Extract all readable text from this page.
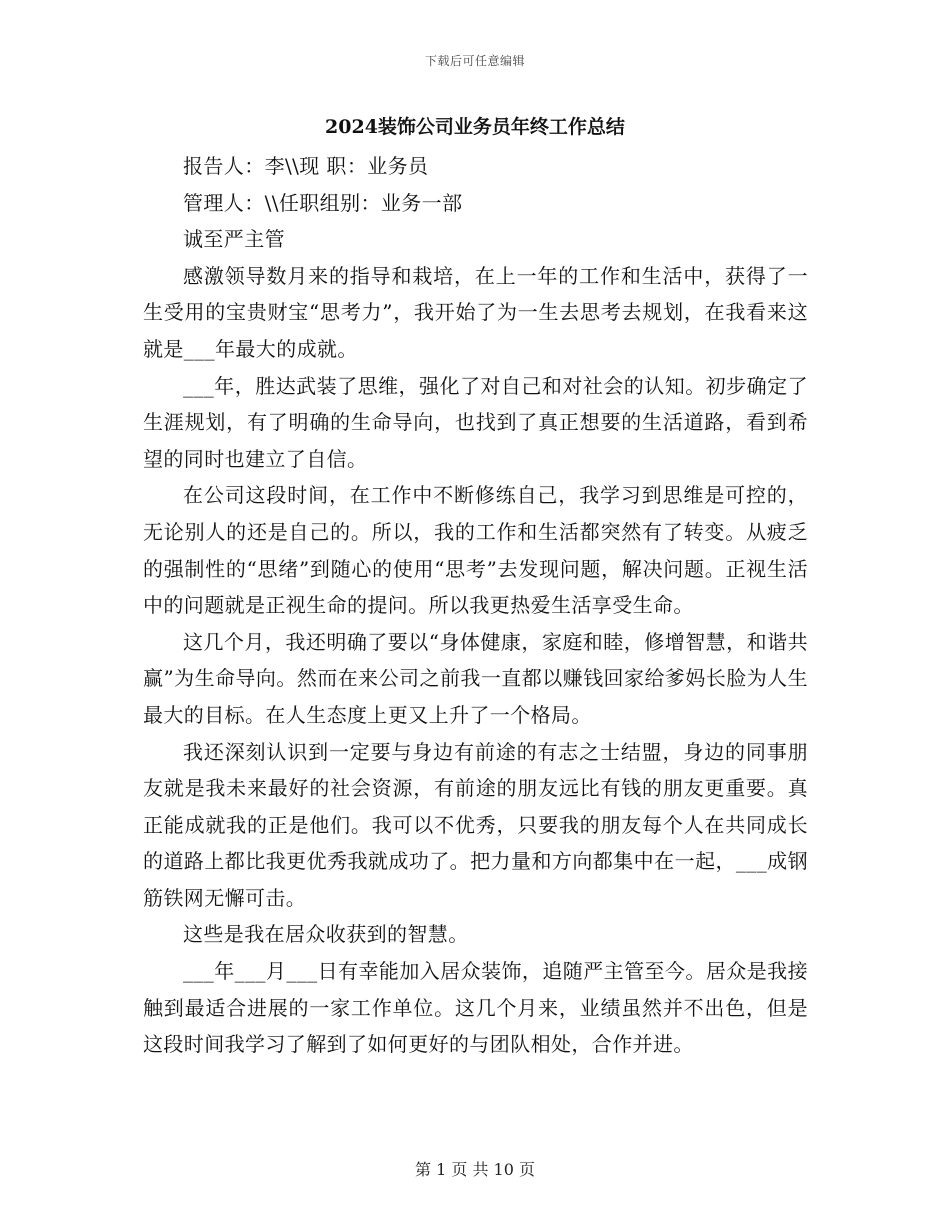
下载后可任意编辑
2024装饰公司业务员年终工作总结

报告人：李\\现 职：业务员

管理人：\\任职组别：业务一部

诚至严主管

感激领导数月来的指导和栽培，在上一年的工作和生活中，获得了一生受用的宝贵财宝“思考力”，我开始了为一生去思考去规划，在我看来这就是___年最大的成就。

___年，胜达武装了思维，强化了对自己和对社会的认知。初步确定了生涯规划，有了明确的生命导向，也找到了真正想要的生活道路，看到希望的同时也建立了自信。

在公司这段时间，在工作中不断修练自己，我学习到思维是可控的，无论别人的还是自己的。所以，我的工作和生活都突然有了转变。从疲乏的强制性的“思绪”到随心的使用“思考”去发现问题，解决问题。正视生活中的问题就是正视生命的提问。所以我更热爱生活享受生命。

这几个月，我还明确了要以“身体健康，家庭和睦，修增智慧，和谐共赢”为生命导向。然而在来公司之前我一直都以赚钱回家给爹妈长脸为人生最大的目标。在人生态度上更又上升了一个格局。

我还深刻认识到一定要与身边有前途的有志之士结盟，身边的同事朋友就是我未来最好的社会资源，有前途的朋友远比有钱的朋友更重要。真正能成就我的正是他们。我可以不优秀，只要我的朋友每个人在共同成长的道路上都比我更优秀我就成功了。把力量和方向都集中在一起，___成钢筋铁网无懈可击。

这些是我在居众收获到的智慧。

___年___月___日有幸能加入居众装饰，追随严主管至今。居众是我接触到最适合进展的一家工作单位。这几个月来，业绩虽然并不出色，但是这段时间我学习了解到了如何更好的与团队相处，合作并进。

第 1 页 共 10 页
